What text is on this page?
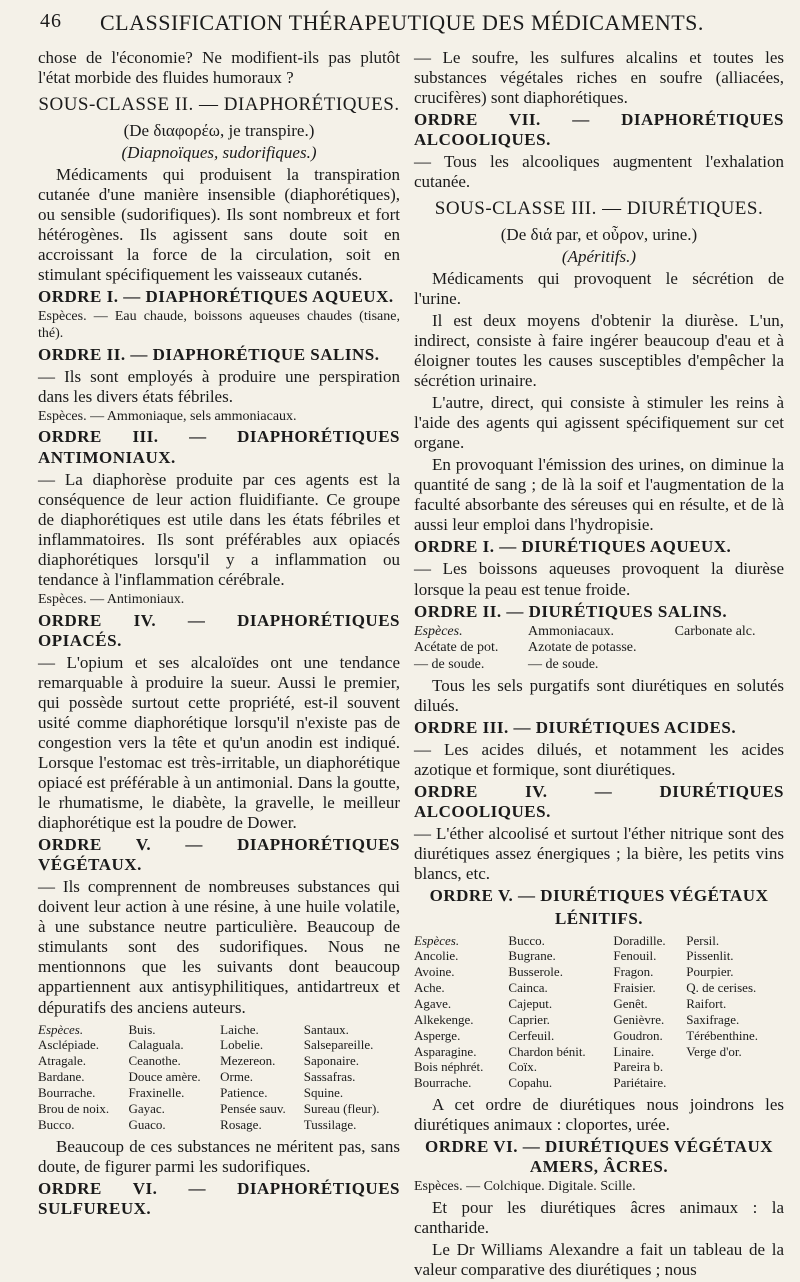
46 CLASSIFICATION THÉRAPEUTIQUE DES MÉDICAMENTS.

chose de l'économie? Ne modifient-ils pas plutôt l'état morbide des fluides humoraux ?

SOUS-CLASSE II. — DIAPHORÉTIQUES.

(De διαφορέω, je transpire.)

(Diapnoïques, sudorifiques.)

Médicaments qui produisent la transpiration cutanée d'une manière insensible (diaphorétiques), ou sensible (sudorifiques). Ils sont nombreux et fort hétérogènes. Ils agissent sans doute soit en accroissant la force de la circulation, soit en stimulant spécifiquement les vaisseaux cutanés.

ORDRE I. — DIAPHORÉTIQUES AQUEUX.

Espèces. — Eau chaude, boissons aqueuses chaudes (tisane, thé).

ORDRE II. — DIAPHORÉTIQUE SALINS.

— Ils sont employés à produire une perspiration dans les divers états fébriles.

Espèces. — Ammoniaque, sels ammoniacaux.

ORDRE III. — DIAPHORÉTIQUES ANTIMONIAUX.

— La diaphorèse produite par ces agents est la conséquence de leur action fluidifiante. Ce groupe de diaphorétiques est utile dans les états fébriles et inflammatoires. Ils sont préférables aux opiacés diaphorétiques lorsqu'il y a inflammation ou tendance à l'inflammation cérébrale.

Espèces. — Antimoniaux.

ORDRE IV. — DIAPHORÉTIQUES OPIACÉS.

— L'opium et ses alcaloïdes ont une tendance remarquable à produire la sueur. Aussi le premier, qui possède surtout cette propriété, est-il souvent usité comme diaphorétique lorsqu'il n'existe pas de congestion vers la tête et qu'un anodin est indiqué. Lorsque l'estomac est très-irritable, un diaphorétique opiacé est préférable à un antimonial. Dans la goutte, le rhumatisme, le diabète, la gravelle, le meilleur diaphorétique est la poudre de Dower.

ORDRE V. — DIAPHORÉTIQUES VÉGÉTAUX.

— Ils comprennent de nombreuses substances qui doivent leur action à une résine, à une huile volatile, à une substance neutre particulière. Beaucoup de stimulants sont des sudorifiques. Nous ne mentionnons que les suivants dont beaucoup appartiennent aux antisyphilitiques, antidartreux et dépuratifs des anciens auteurs.

Espèces.	Buis.	Laiche.	Santaux.
Asclépiade.	Calaguala.	Lobelie.	Salsepareille.
Atragale.	Ceanothe.	Mezereon.	Saponaire.
Bardane.	Douce amère.	Orme.	Sassafras.
Bourrache.	Fraxinelle.	Patience.	Squine.
Brou de noix.	Gayac.	Pensée sauv.	Sureau (fleur).
Bucco.	Guaco.	Rosage.	Tussilage.

Beaucoup de ces substances ne méritent pas, sans doute, de figurer parmi les sudorifiques.

ORDRE VI. — DIAPHORÉTIQUES SULFUREUX.

— Le soufre, les sulfures alcalins et toutes les substances végétales riches en soufre (alliacées, crucifères) sont diaphorétiques.

ORDRE VII. — DIAPHORÉTIQUES ALCOOLIQUES.

— Tous les alcooliques augmentent l'exhalation cutanée.

SOUS-CLASSE III. — DIURÉTIQUES.

(De διά par, et οὖρον, urine.)

(Apéritifs.)

Médicaments qui provoquent le sécrétion de l'urine.

Il est deux moyens d'obtenir la diurèse. L'un, indirect, consiste à faire ingérer beaucoup d'eau et à éloigner toutes les causes susceptibles d'empêcher la sécrétion urinaire.

L'autre, direct, qui consiste à stimuler les reins à l'aide des agents qui agissent spécifiquement sur cet organe.

En provoquant l'émission des urines, on diminue la quantité de sang ; de là la soif et l'augmentation de la faculté absorbante des séreuses qui en résulte, et de là aussi leur emploi dans l'hydropisie.

ORDRE I. — DIURÉTIQUES AQUEUX.

— Les boissons aqueuses provoquent la diurèse lorsque la peau est tenue froide.

ORDRE II. — DIURÉTIQUES SALINS.

Espèces.	Ammoniacaux.	Carbonate alc.
Acétate de pot.	Azotate de potasse.	
— de soude.	— de soude.	

Tous les sels purgatifs sont diurétiques en solutés dilués.

ORDRE III. — DIURÉTIQUES ACIDES.

— Les acides dilués, et notamment les acides azotique et formique, sont diurétiques.

ORDRE IV. — DIURÉTIQUES ALCOOLIQUES.

— L'éther alcoolisé et surtout l'éther nitrique sont des diurétiques assez énergiques ; la bière, les petits vins blancs, etc.

ORDRE V. — DIURÉTIQUES VÉGÉTAUX

LÉNITIFS.

Espèces.	Bucco.	Doradille.	Persil.
Ancolie.	Bugrane.	Fenouil.	Pissenlit.
Avoine.	Busserole.	Fragon.	Pourpier.
Ache.	Cainca.	Fraisier.	Q. de cerises.
Agave.	Cajeput.	Genêt.	Raifort.
Alkekenge.	Caprier.	Genièvre.	Saxifrage.
Asperge.	Cerfeuil.	Goudron.	Térébenthine.
Asparagine.	Chardon bénit.	Linaire.	Verge d'or.
Bois néphrét.	Coïx.	Pareira b.	
Bourrache.	Copahu.	Pariétaire.	

A cet ordre de diurétiques nous joindrons les diurétiques animaux : cloportes, urée.

ORDRE VI. — DIURÉTIQUES VÉGÉTAUX AMERS, ÂCRES.

Espèces. — Colchique. Digitale. Scille.

Et pour les diurétiques âcres animaux : la cantharide.

Le Dr Williams Alexandre a fait un tableau de la valeur comparative des diurétiques ; nous
